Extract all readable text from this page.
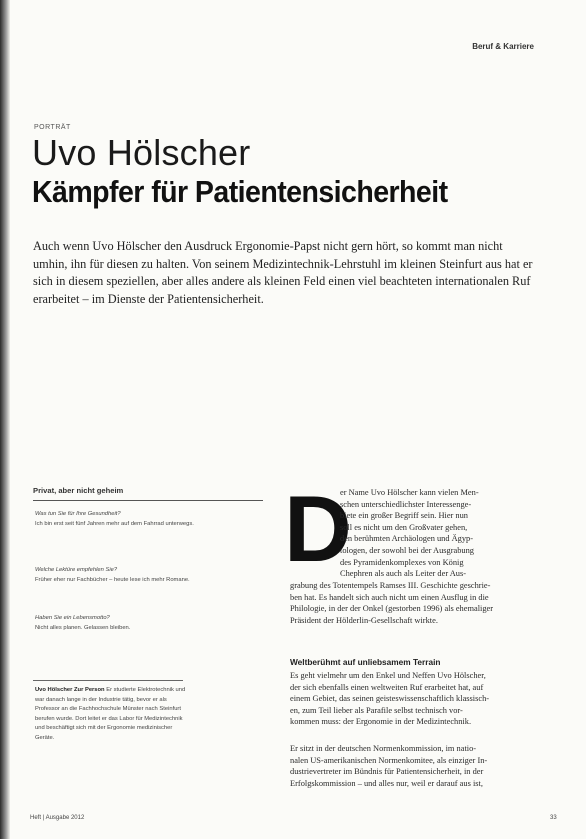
Beruf & Karriere
PORTRÄT
Uvo Hölscher
Kämpfer für Patientensicherheit
Auch wenn Uvo Hölscher den Ausdruck Ergonomie-Papst nicht gern hört, so kommt man nicht umhin, ihn für diesen zu halten. Von seinem Medizintechnik-Lehrstuhl im kleinen Steinfurt aus hat er sich in diesem speziellen, aber alles andere als kleinen Feld einen viel beachteten internationalen Ruf erarbeitet – im Dienste der Patientensicherheit.
Privat, aber nicht geheim
Was tun Sie für Ihre Gesundheit?
Ich bin erst seit fünf Jahren mehr auf dem Fahrrad unterwegs.
Welche Lektüre empfehlen Sie?
Früher eher nur Fachbücher – heute lese ich mehr Romane.
Haben Sie ein Lebensmotto?
Nicht alles planen. Gelassen bleiben.
Uvo Hölscher Zur Person Er studierte Elektrotechnik und war danach lange in der Industrie tätig, bevor er als Professor an die Fachhochschule Münster nach Steinfurt berufen wurde. Dort leitet er das Labor für Medizintechnik und beschäftigt sich mit der Ergonomie medizinischer Geräte.
D
er Name Uvo Hölscher kann vielen Men-
schen unterschiedlichster Interessenge-
biete ein großer Begriff sein. Hier nun
soll es nicht um den Großvater gehen,
den berühmten Archäologen und Ägyp-
tologen, der sowohl bei der Ausgrabung
des Pyramidenkomplexes von König
Chephren als auch als Leiter der Aus-
grabung des Totentempels Ramses III. Geschichte geschrie-
ben hat. Es handelt sich auch nicht um einen Ausflug in die
Philologie, in der der Onkel (gestorben 1996) als ehemaliger
Präsident der Hölderlin-Gesellschaft wirkte.
Weltberühmt auf unliebsamem Terrain
Es geht vielmehr um den Enkel und Neffen Uvo Hölscher,
der sich ebenfalls einen weltweiten Ruf erarbeitet hat, auf
einem Gebiet, das seinen geisteswissenschaftlich klassisch-
en, zum Teil lieber als Parafile selbst technisch vor-
kommen muss: der Ergonomie in der Medizintechnik.
Er sitzt in der deutschen Normenkommission, im natio-
nalen US-amerikanischen Normenkomitee, als einziger In-
dustrievertreter im Bündnis für Patientensicherheit, in der
Erfolgskommission – und alles nur, weil er darauf aus ist,
Heft | Ausgabe 2012	33
